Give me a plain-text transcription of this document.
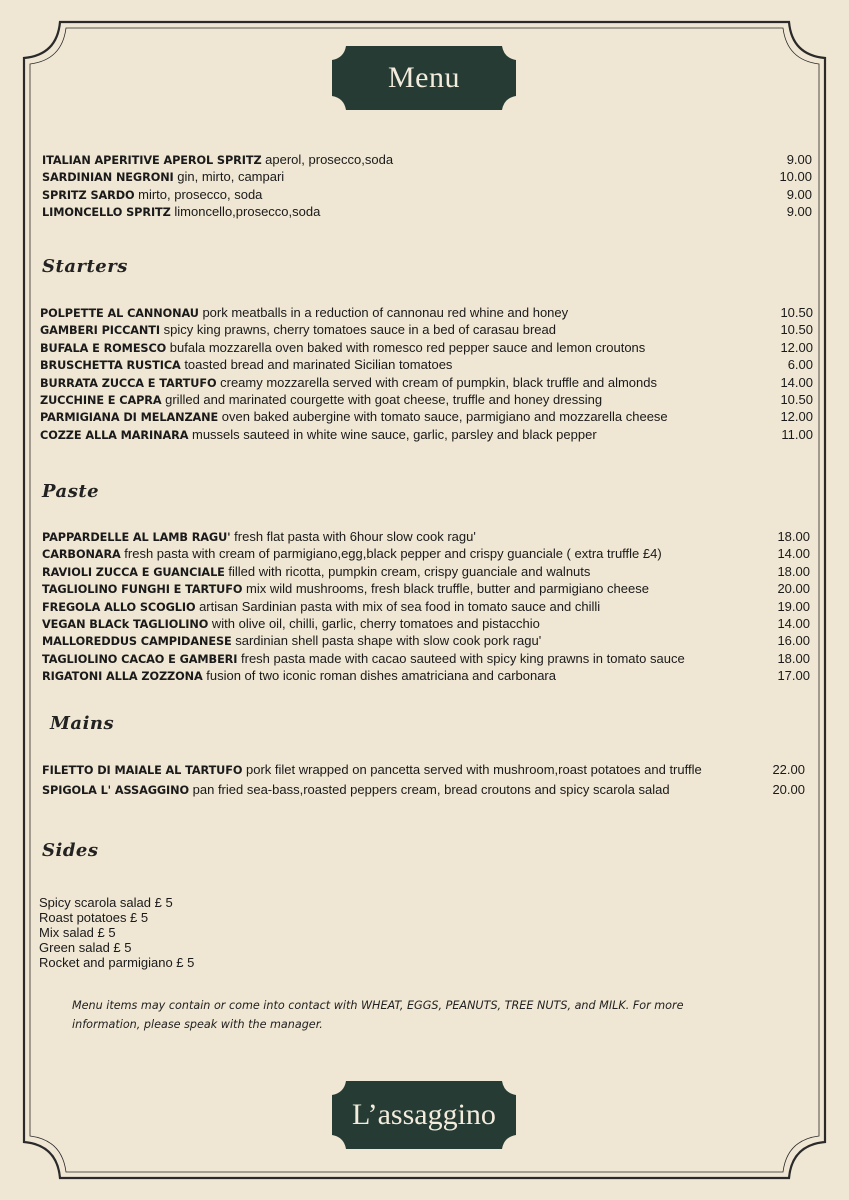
Menu
ITALIAN APERITIVE APEROL SPRITZ aperol, prosecco,soda	9.00
SARDINIAN NEGRONI gin, mirto, campari	10.00
SPRITZ SARDO mirto, prosecco, soda	9.00
LIMONCELLO SPRITZ limoncello,prosecco,soda	9.00
Starters
POLPETTE AL CANNONAU pork meatballs in a reduction of cannonau red whine and honey	10.50
GAMBERI PICCANTI spicy king prawns, cherry tomatoes sauce in a bed of carasau bread	10.50
BUFALA E ROMESCO bufala mozzarella oven baked with romesco red pepper sauce and lemon croutons	12.00
BRUSCHETTA RUSTICA toasted bread and marinated Sicilian tomatoes	6.00
BURRATA ZUCCA E TARTUFO creamy mozzarella served with cream of pumpkin, black truffle and almonds	14.00
ZUCCHINE E CAPRA grilled and marinated courgette with goat cheese, truffle and honey dressing	10.50
PARMIGIANA DI MELANZANE oven baked aubergine with tomato sauce, parmigiano and mozzarella cheese	12.00
COZZE ALLA MARINARA mussels sauteed in white wine sauce, garlic, parsley and black pepper	11.00
Paste
PAPPARDELLE AL LAMB RAGU' fresh flat pasta with 6hour slow cook ragu'	18.00
CARBONARA fresh pasta with cream of parmigiano,egg,black pepper and crispy guanciale ( extra truffle £4)	14.00
RAVIOLI ZUCCA E GUANCIALE filled with ricotta, pumpkin cream, crispy guanciale and walnuts	18.00
TAGLIOLINO FUNGHI E TARTUFO mix wild mushrooms, fresh black truffle, butter and parmigiano cheese	20.00
FREGOLA ALLO SCOGLIO artisan Sardinian pasta with mix of sea food in tomato sauce and chilli	19.00
VEGAN BLACk TAGLIOLINO with olive oil, chilli, garlic, cherry tomatoes and pistacchio	14.00
MALLOREDDUS CAMPIDANESE sardinian shell pasta shape with slow cook pork ragu'	16.00
TAGLIOLINO CACAO E GAMBERI fresh pasta made with cacao sauteed with spicy king prawns in tomato sauce	18.00
RIGATONI ALLA ZOZZONA fusion of two iconic roman dishes amatriciana and carbonara	17.00
Mains
FILETTO DI MAIALE AL TARTUFO pork filet wrapped on pancetta served with mushroom,roast potatoes and truffle	22.00
SPIGOLA L' ASSAGGINO pan fried sea-bass,roasted peppers cream, bread croutons and spicy scarola salad	20.00
Sides
Spicy scarola salad £ 5
Roast potatoes £ 5
Mix salad £ 5
Green salad £ 5
Rocket and parmigiano £ 5
Menu items may contain or come into contact with WHEAT, EGGS, PEANUTS, TREE NUTS, and MILK. For more
information, please speak with the manager.
L’assaggino
